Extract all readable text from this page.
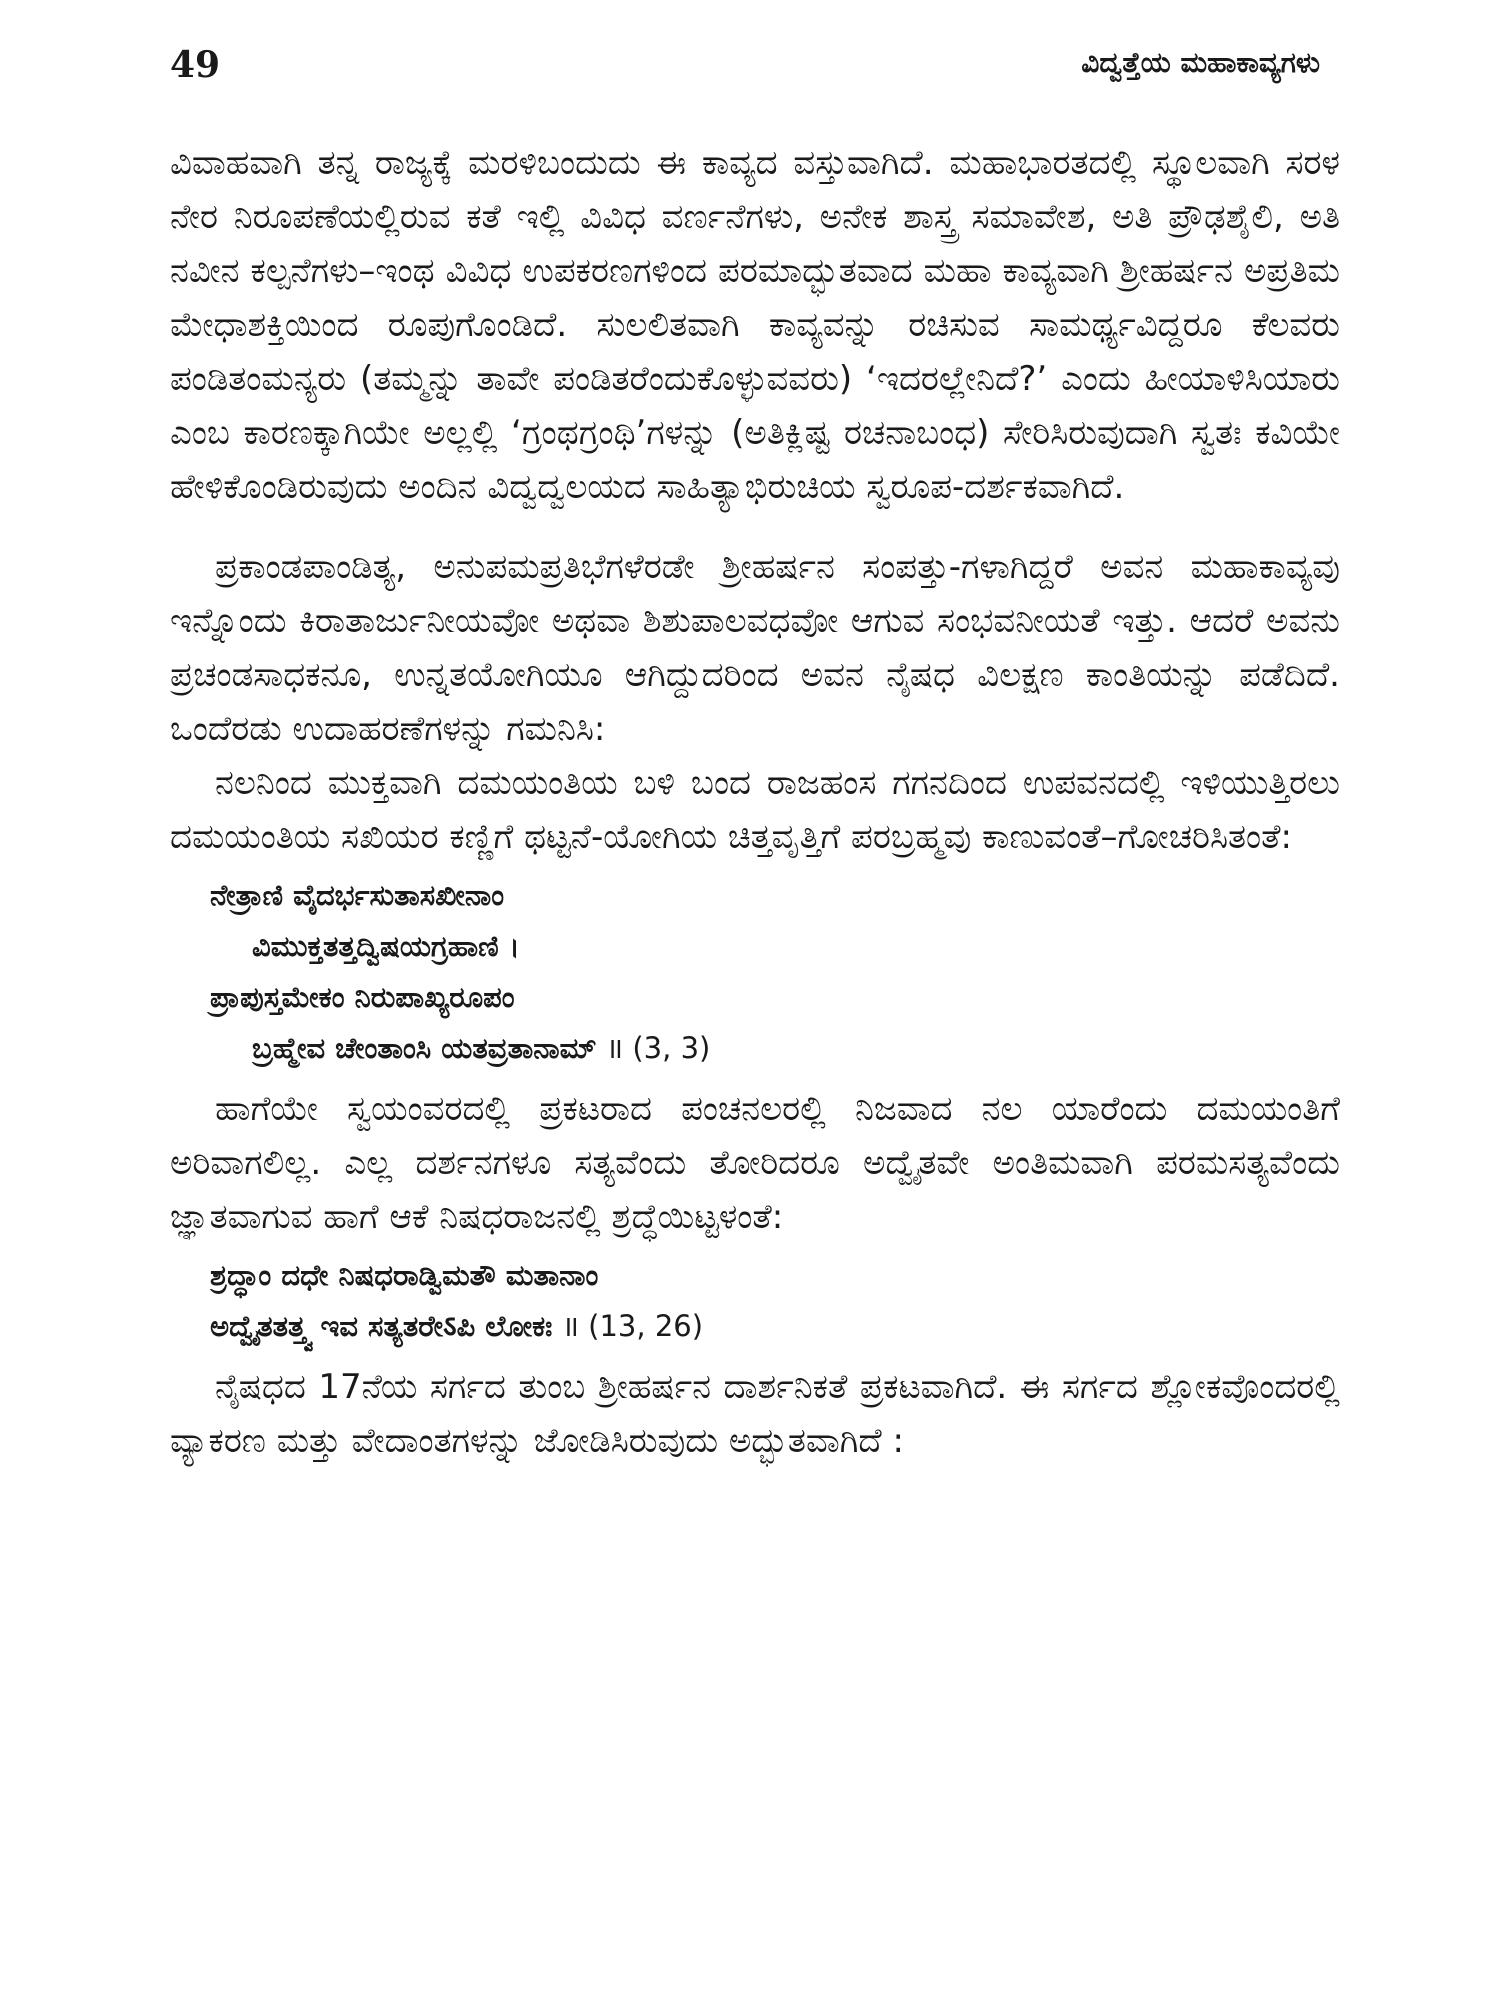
49	ವಿದ್ವತ್ತೆಯ ಮಹಾಕಾವ್ಯಗಳು

ವಿವಾಹವಾಗಿ ತನ್ನ ರಾಜ್ಯಕ್ಕೆ ಮರಳಿಬಂದುದು ಈ ಕಾವ್ಯದ ವಸ್ತುವಾಗಿದೆ. ಮಹಾಭಾರತದಲ್ಲಿ ಸ್ಥೂಲವಾಗಿ ಸರಳ ನೇರ ನಿರೂಪಣೆಯಲ್ಲಿರುವ ಕತೆ ಇಲ್ಲಿ ವಿವಿಧ ವರ್ಣನೆಗಳು, ಅನೇಕ ಶಾಸ್ತ್ರ ಸಮಾವೇಶ, ಅತಿ ಪ್ರೌಢಶೈಲಿ, ಅತಿ ನವೀನ ಕಲ್ಪನೆಗಳು–ಇಂಥ ವಿವಿಧ ಉಪಕರಣಗಳಿಂದ ಪರಮಾದ್ಭುತವಾದ ಮಹಾ ಕಾವ್ಯವಾಗಿ ಶ್ರೀಹರ್ಷನ ಅಪ್ರತಿಮ ಮೇಧಾಶಕ್ತಿಯಿಂದ ರೂಪುಗೊಂಡಿದೆ. ಸುಲಲಿತವಾಗಿ ಕಾವ್ಯವನ್ನು ರಚಿಸುವ ಸಾಮರ್ಥ್ಯವಿದ್ದರೂ ಕೆಲವರು ಪಂಡಿತಂಮನ್ಯರು (ತಮ್ಮನ್ನು ತಾವೇ ಪಂಡಿತರೆಂದುಕೊಳ್ಳುವವರು) ‘ಇದರಲ್ಲೇನಿದೆ?’ ಎಂದು ಹೀಯಾಳಿಸಿಯಾರು ಎಂಬ ಕಾರಣಕ್ಕಾಗಿಯೇ ಅಲ್ಲಲ್ಲಿ ‘ಗ್ರಂಥಗ್ರಂಥಿ’ಗಳನ್ನು (ಅತಿಕ್ಲಿಷ್ಟ ರಚನಾಬಂಧ) ಸೇರಿಸಿರುವುದಾಗಿ ಸ್ವತಃ ಕವಿಯೇ ಹೇಳಿಕೊಂಡಿರುವುದು ಅಂದಿನ ವಿದ್ವದ್ವಲಯದ ಸಾಹಿತ್ಯಾಭಿರುಚಿಯ ಸ್ವರೂಪ-ದರ್ಶಕವಾಗಿದೆ.

ಪ್ರಕಾಂಡಪಾಂಡಿತ್ಯ, ಅನುಪಮಪ್ರತಿಭೆಗಳೆರಡೇ ಶ್ರೀಹರ್ಷನ ಸಂಪತ್ತು-ಗಳಾಗಿದ್ದರೆ ಅವನ ಮಹಾಕಾವ್ಯವು ಇನ್ನೊಂದು ಕಿರಾತಾರ್ಜುನೀಯವೋ ಅಥವಾ ಶಿಶುಪಾಲವಧವೋ ಆಗುವ ಸಂಭವನೀಯತೆ ಇತ್ತು. ಆದರೆ ಅವನು ಪ್ರಚಂಡಸಾಧಕನೂ, ಉನ್ನತಯೋಗಿಯೂ ಆಗಿದ್ದುದರಿಂದ ಅವನ ನೈಷಧ ವಿಲಕ್ಷಣ ಕಾಂತಿಯನ್ನು ಪಡೆದಿದೆ. ಒಂದೆರಡು ಉದಾಹರಣೆಗಳನ್ನು ಗಮನಿಸಿ:

ನಲನಿಂದ ಮುಕ್ತವಾಗಿ ದಮಯಂತಿಯ ಬಳಿ ಬಂದ ರಾಜಹಂಸ ಗಗನದಿಂದ ಉಪವನದಲ್ಲಿ ಇಳಿಯುತ್ತಿರಲು ದಮಯಂತಿಯ ಸಖಿಯರ ಕಣ್ಣಿಗೆ ಥಟ್ಟನೆ-ಯೋಗಿಯ ಚಿತ್ತವೃತ್ತಿಗೆ ಪರಬ್ರಹ್ಮವು ಕಾಣುವಂತೆ–ಗೋಚರಿಸಿತಂತೆ:

ನೇತ್ರಾಣಿ ವೈದರ್ಭಸುತಾಸಖೀನಾಂ
ವಿಮುಕ್ತತತ್ತದ್ವಿಷಯಗ್ರಹಾಣಿ ।
ಪ್ರಾಪುಸ್ತಮೇಕಂ ನಿರುಪಾಖ್ಯರೂಪಂ
ಬ್ರಹ್ಮೇವ ಚೇಂತಾಂಸಿ ಯತವ್ರತಾನಾಮ್ ॥ (3, 3)

ಹಾಗೆಯೇ ಸ್ವಯಂವರದಲ್ಲಿ ಪ್ರಕಟರಾದ ಪಂಚನಲರಲ್ಲಿ ನಿಜವಾದ ನಲ ಯಾರೆಂದು ದಮಯಂತಿಗೆ ಅರಿವಾಗಲಿಲ್ಲ. ಎಲ್ಲ ದರ್ಶನಗಳೂ ಸತ್ಯವೆಂದು ತೋರಿದರೂ ಅದ್ವೈತವೇ ಅಂತಿಮವಾಗಿ ಪರಮಸತ್ಯವೆಂದು ಜ್ಞಾತವಾಗುವ ಹಾಗೆ ಆಕೆ ನಿಷಧರಾಜನಲ್ಲಿ ಶ್ರದ್ಧೆಯಿಟ್ಟಳಂತೆ:

ಶ್ರದ್ಧಾಂ ದಧೇ ನಿಷಧರಾಡ್ವಿಮತೌ ಮತಾನಾಂ
ಅದ್ವೈತತತ್ತ್ವ ಇವ ಸತ್ಯತರೇऽಪಿ ಲೋಕಃ ॥ (13, 26)

ನೈಷಧದ 17ನೆಯ ಸರ್ಗದ ತುಂಬ ಶ್ರೀಹರ್ಷನ ದಾರ್ಶನಿಕತೆ ಪ್ರಕಟವಾಗಿದೆ. ಈ ಸರ್ಗದ ಶ್ಲೋಕವೊಂದರಲ್ಲಿ ವ್ಯಾಕರಣ ಮತ್ತು ವೇದಾಂತಗಳನ್ನು ಜೋಡಿಸಿರುವುದು ಅದ್ಭುತವಾಗಿದೆ :
